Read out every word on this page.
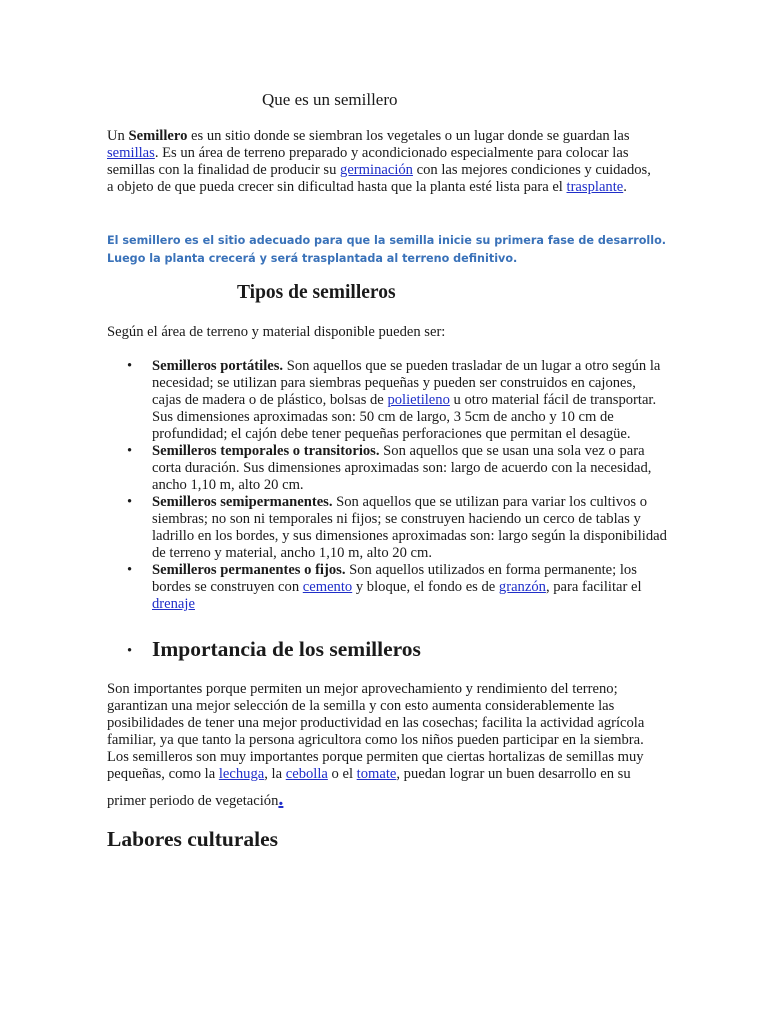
Que es un semillero

Un Semillero es un sitio donde se siembran los vegetales o un lugar donde se guardan las semillas. Es un área de terreno preparado y acondicionado especialmente para colocar las semillas con la finalidad de producir su germinación con las mejores condiciones y cuidados, a objeto de que pueda crecer sin dificultad hasta que la planta esté lista para el trasplante.

El semillero es el sitio adecuado para que la semilla inicie su primera fase de desarrollo. Luego la planta crecerá y será trasplantada al terreno definitivo.
Tipos de semilleros
Según el área de terreno y material disponible pueden ser:
• Semilleros portátiles. Son aquellos que se pueden trasladar de un lugar a otro según la necesidad; se utilizan para siembras pequeñas y pueden ser construidos en cajones, cajas de madera o de plástico, bolsas de polietileno u otro material fácil de transportar. Sus dimensiones aproximadas son: 50 cm de largo, 3 5cm de ancho y 10 cm de profundidad; el cajón debe tener pequeñas perforaciones que permitan el desagüe.
• Semilleros temporales o transitorios. Son aquellos que se usan una sola vez o para corta duración. Sus dimensiones aproximadas son: largo de acuerdo con la necesidad, ancho 1,10 m, alto 20 cm.
• Semilleros semipermanentes. Son aquellos que se utilizan para variar los cultivos o siembras; no son ni temporales ni fijos; se construyen haciendo un cerco de tablas y ladrillo en los bordes, y sus dimensiones aproximadas son: largo según la disponibilidad de terreno y material, ancho 1,10 m, alto 20 cm.
• Semilleros permanentes o fijos. Son aquellos utilizados en forma permanente; los bordes se construyen con cemento y bloque, el fondo es de granzón, para facilitar el
drenaje
• Importancia de los semilleros

Son importantes porque permiten un mejor aprovechamiento y rendimiento del terreno; garantizan una mejor selección de la semilla y con esto aumenta considerablemente las posibilidades de tener una mejor productividad en las cosechas; facilita la actividad agrícola familiar, ya que tanto la persona agricultora como los niños pueden participar en la siembra. Los semilleros son muy importantes porque permiten que ciertas hortalizas de semillas muy pequeñas, como la lechuga, la cebolla o el tomate, puedan lograr un buen desarrollo en su

primer periodo de vegetación.
Labores culturales
